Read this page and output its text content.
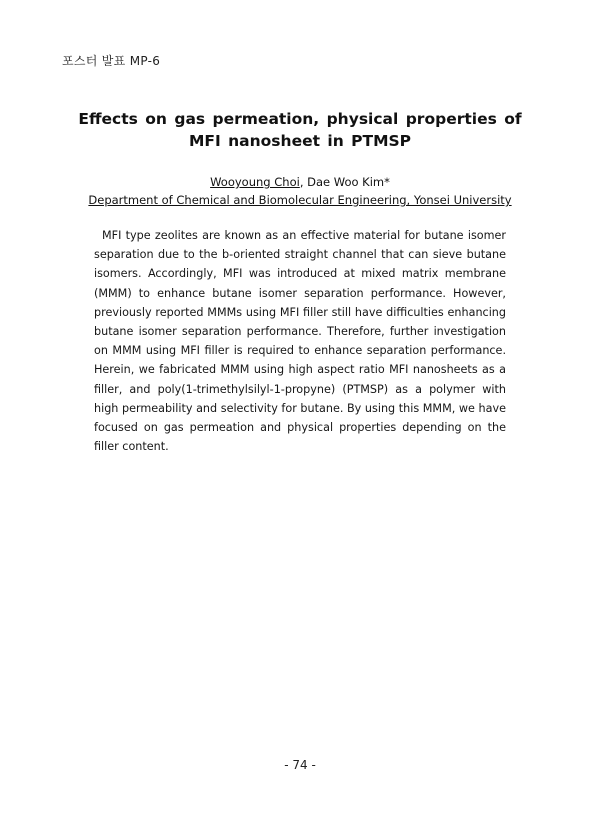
포스터 발표 MP-6
Effects on gas permeation, physical properties of
MFI nanosheet in PTMSP
Wooyoung Choi, Dae Woo Kim*
Department of Chemical and Biomolecular Engineering, Yonsei University
MFI type zeolites are known as an effective material for butane isomer separation due to the b-oriented straight channel that can sieve butane isomers. Accordingly, MFI was introduced at mixed matrix membrane (MMM) to enhance butane isomer separation performance. However, previously reported MMMs using MFI filler still have difficulties enhancing butane isomer separation performance. Therefore, further investigation on MMM using MFI filler is required to enhance separation performance. Herein, we fabricated MMM using high aspect ratio MFI nanosheets as a filler, and poly(1-trimethylsilyl-1-propyne) (PTMSP) as a polymer with high permeability and selectivity for butane. By using this MMM, we have focused on gas permeation and physical properties depending on the filler content.
- 74 -
